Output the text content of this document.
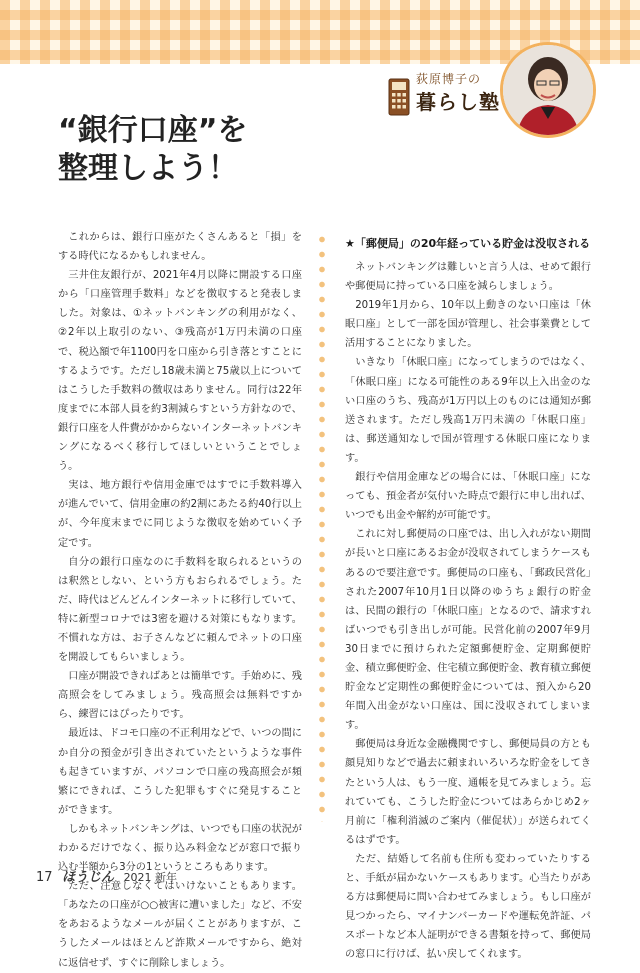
荻原博子の
暮らし塾
“銀行口座”を
整理しよう！

これからは、銀行口座がたくさんあると「損」をする時代になるかもしれません。

三井住友銀行が、2021年4月以降に開設する口座から「口座管理手数料」などを徴収すると発表しました。対象は、①ネットバンキングの利用がなく、②2年以上取引のない、③残高が1万円未満の口座で、税込額で年1100円を口座から引き落とすことにするようです。ただし18歳未満と75歳以上についてはこうした手数料の徴収はありません。同行は22年度までに本部人員を約3割減らすという方針なので、銀行口座を人件費がかからないインターネットバンキングになるべく移行してほしいということでしょう。

実は、地方銀行や信用金庫ではすでに手数料導入が進んでいて、信用金庫の約2割にあたる約40行以上が、今年度末までに同じような徴収を始めていく予定です。

自分の銀行口座なのに手数料を取られるというのは釈然としない、という方もおられるでしょう。ただ、時代はどんどんインターネットに移行していて、特に新型コロナでは3密を避ける対策にもなります。不慣れな方は、お子さんなどに頼んでネットの口座を開設してもらいましょう。

口座が開設できればあとは簡単です。手始めに、残高照会をしてみましょう。残高照会は無料ですから、練習にはぴったりです。

最近は、ドコモ口座の不正利用などで、いつの間にか自分の預金が引き出されていたというような事件も起きていますが、パソコンで口座の残高照会が頻繁にできれば、こうした犯罪もすぐに発見することができます。

しかもネットバンキングは、いつでも口座の状況がわかるだけでなく、振り込み料金などが窓口で振り込む半額から3分の1というところもあります。

ただ、注意しなくてはいけないこともあります。「あなたの口座が○○被害に遭いました」など、不安をあおるようなメールが届くことがありますが、こうしたメールはほとんど詐欺メールですから、絶対に返信せず、すぐに削除しましょう。

★「郵便局」の20年経っている貯金は没収される

ネットバンキングは難しいと言う人は、せめて銀行や郵便局に持っている口座を減らしましょう。

2019年1月から、10年以上動きのない口座は「休眠口座」として一部を国が管理し、社会事業費として活用することになりました。

いきなり「休眠口座」になってしまうのではなく、「休眠口座」になる可能性のある9年以上入出金のない口座のうち、残高が1万円以上のものには通知が郵送されます。ただし残高1万円未満の「休眠口座」は、郵送通知なしで国が管理する休眠口座になります。

銀行や信用金庫などの場合には、「休眠口座」になっても、預金者が気付いた時点で銀行に申し出れば、いつでも出金や解約が可能です。

これに対し郵便局の口座では、出し入れがない期間が長いと口座にあるお金が没収されてしまうケースもあるので要注意です。郵便局の口座も、「郵政民営化」された2007年10月1日以降のゆうちょ銀行の貯金は、民間の銀行の「休眠口座」となるので、請求すればいつでも引き出しが可能。民営化前の2007年9月30日までに預けられた定額郵便貯金、定期郵便貯金、積立郵便貯金、住宅積立郵便貯金、教育積立郵便貯金など定期性の郵便貯金については、預入から20年間入出金がない口座は、国に没収されてしまいます。

郵便局は身近な金融機関ですし、郵便局員の方とも顔見知りなどで過去に頼まれいろいろな貯金をしてきたという人は、もう一度、通帳を見てみましょう。忘れていても、こうした貯金についてはあらかじめ2ヶ月前に「権利消滅のご案内（催促状）」が送られてくるはずです。

ただ、結婚して名前も住所も変わっていたりすると、手紙が届かないケースもあります。心当たりがある方は郵便局に問い合わせてみましょう。もし口座が見つかったら、マイナンバーカードや運転免許証、パスポートなど本人証明ができる書類を持って、郵便局の窓口に行けば、払い戻してくれます。

17 ほうじん 2021 新年
